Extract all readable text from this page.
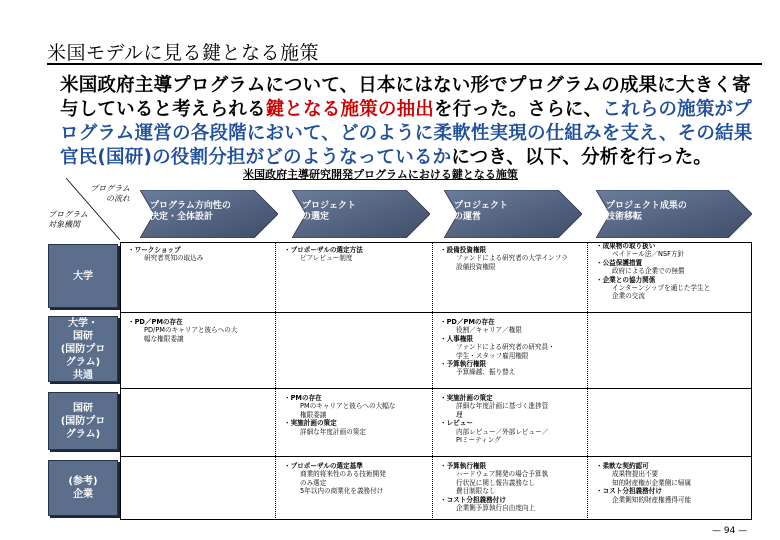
米国モデルに見る鍵となる施策
米国政府主導プログラムについて、日本にはない形でプログラムの成果に大きく寄与していると考えられる鍵となる施策の抽出を行った。さらに、これらの施策がプログラム運営の各段階において、どのように柔軟性実現の仕組みを支え、その結果官民(国研)の役割分担がどのようなっているかにつき、以下、分析を行った。
米国政府主導研究開発プログラムにおける鍵となる施策
プログラム
の流れ
プログラム
対象機関
プログラム方向性の
決定・全体設計
プロジェクト
の選定
プロジェクト
の運営
プロジェクト成果の
技術移転
大学
・ ワークショップ
研究者英知の取込み
・ プロポーザルの選定方法
ピアレビュー制度
・ 設備投資権限
ファンドによる研究者の大学インフラ
設備投資権限
・ 成果物の取り扱い
ベイドール法／NSF方針
・ 公益保護措置
政府による企業での無償
・ 企業との協力関係
インターンシップを通じた学生と
企業の交流
大学・
国研
(国防プロ
グラム)
共通
・ PD／PMの存在
PD/PMのキャリアと彼らへの大
幅な権限委譲
・ PD／PMの存在
役割／キャリア／権限
・ 人事権限
ファンドによる研究者の研究員・
学生・スタッフ雇用権限
・ 予算執行権限
予算繰越、振り替え
国研
(国防プロ
グラム)
・ PMの存在
PMのキャリアと彼らへの大幅な
権限委譲
・ 実施計画の策定
詳細な年度計画の策定
・ 実施計画の策定
詳細な年度計画に基づく進捗管
理
・ レビュー
内部レビュー／外部レビュー／
PIミーティング
(参考)
企業
・ プロポーザルの選定基準
商業的将来性のある技術開発
のみ選定
5年以内の商業化を義務付け
・ 予算執行権限
ハードウェア開発の場合予算執
行状況に関し報告義務なし
費目制限なし
・ コスト分担義務付け
企業側予算執行自由度向上
・ 柔軟な契約認可
成果物提出不要
知的財産権が企業側に帰属
・ コスト分担義務付け
企業側知的財産権獲得可能
— 94 —
